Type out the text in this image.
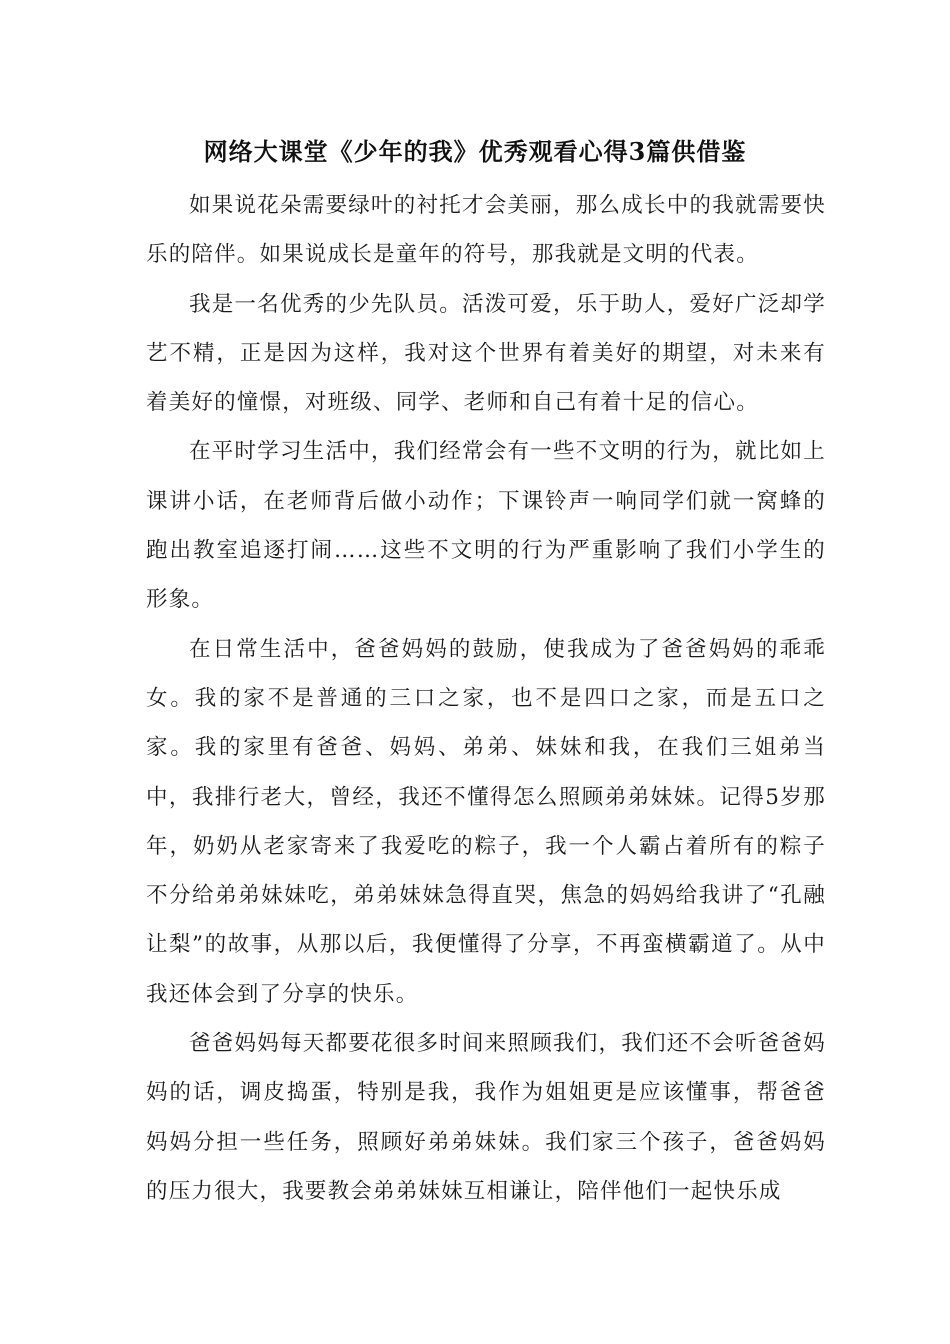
网络大课堂《少年的我》优秀观看心得3篇供借鉴

如果说花朵需要绿叶的衬托才会美丽，那么成长中的我就需要快乐的陪伴。如果说成长是童年的符号，那我就是文明的代表。

我是一名优秀的少先队员。活泼可爱，乐于助人，爱好广泛却学艺不精，正是因为这样，我对这个世界有着美好的期望，对未来有着美好的憧憬，对班级、同学、老师和自己有着十足的信心。

在平时学习生活中，我们经常会有一些不文明的行为，就比如上课讲小话，在老师背后做小动作；下课铃声一响同学们就一窝蜂的跑出教室追逐打闹……这些不文明的行为严重影响了我们小学生的形象。

在日常生活中，爸爸妈妈的鼓励，使我成为了爸爸妈妈的乖乖女。我的家不是普通的三口之家，也不是四口之家，而是五口之家。我的家里有爸爸、妈妈、弟弟、妹妹和我，在我们三姐弟当中，我排行老大，曾经，我还不懂得怎么照顾弟弟妹妹。记得5岁那年，奶奶从老家寄来了我爱吃的粽子，我一个人霸占着所有的粽子不分给弟弟妹妹吃，弟弟妹妹急得直哭，焦急的妈妈给我讲了“孔融让梨”的故事，从那以后，我便懂得了分享，不再蛮横霸道了。从中我还体会到了分享的快乐。

爸爸妈妈每天都要花很多时间来照顾我们，我们还不会听爸爸妈妈的话，调皮捣蛋，特别是我，我作为姐姐更是应该懂事，帮爸爸妈妈分担一些任务，照顾好弟弟妹妹。我们家三个孩子，爸爸妈妈的压力很大，我要教会弟弟妹妹互相谦让，陪伴他们一起快乐成
